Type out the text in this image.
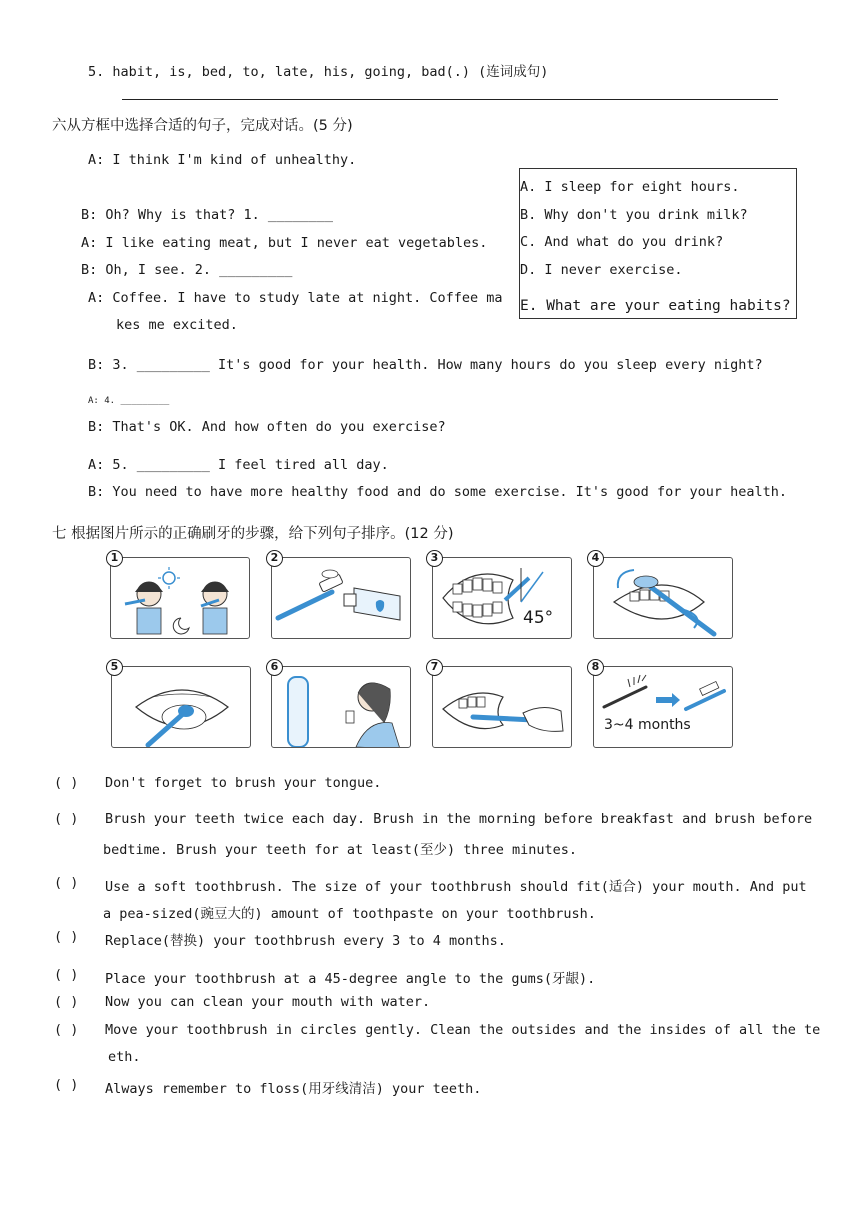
5. habit, is, bed, to, late, his, going, bad(.) (连词成句)
六从方框中选择合适的句子，完成对话。(5 分)
A: I think I'm kind of unhealthy.
B: Oh? Why is that? 1. ________
A: I like eating meat, but I never eat vegetables.
B: Oh, I see. 2. _________
A: Coffee. I have to study late at night. Coffee ma
kes me excited.
B: 3. _________ It's good for your health. How many hours do you sleep every night?
A: 4. _________
B: That's OK. And how often do you exercise?
A: 5. _________ I feel tired all day.
B: You need to have more healthy food and do some exercise. It's good for your health.
A. I sleep for eight hours.
B. Why don't you drink milk?
C. And what do you drink?
D. I never exercise.
E. What are your eating habits?
七 根据图片所示的正确刷牙的步骤，给下列句子排序。(12 分)
1	2
45°
3	4
5	6	7
3~4 months
8
( ) Don't forget to brush your tongue.
( ) Brush your teeth twice each day. Brush in the morning before breakfast and brush before
bedtime. Brush your teeth for at least(至少) three minutes.
( ) Use a soft toothbrush. The size of your toothbrush should fit(适合) your mouth. And put
a pea-sized(豌豆大的) amount of toothpaste on your toothbrush.
( ) Replace(替换) your toothbrush every 3 to 4 months.
( ) Place your toothbrush at a 45-degree angle to the gums(牙龈).
( ) Now you can clean your mouth with water.
( ) Move your toothbrush in circles gently. Clean the outsides and the insides of all the te
eth.
( ) Always remember to floss(用牙线清洁) your teeth.
